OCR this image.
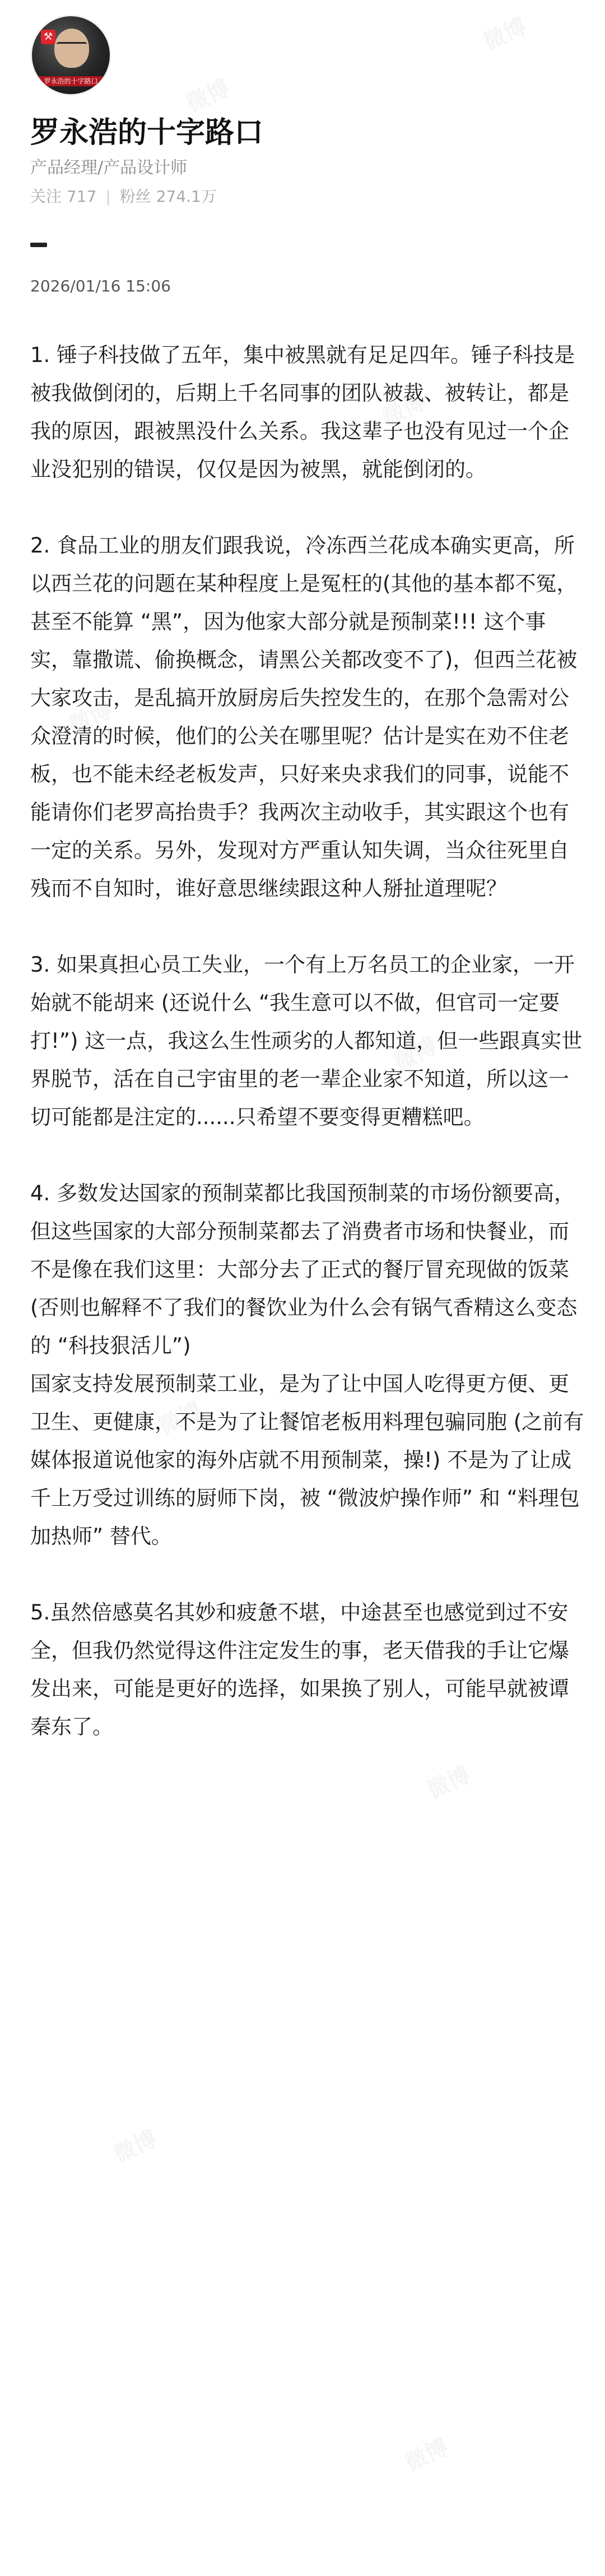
⚒
罗永浩的十字路口
罗永浩的十字路口
产品经理/产品设计师
关注 717 | 粉丝 274.1万
2026/01/16 15:06

1. 锤子科技做了五年，集中被黑就有足足四年。锤子科技是被我做倒闭的，后期上千名同事的团队被裁、被转让，都是我的原因，跟被黑没什么关系。我这辈子也没有见过一个企业没犯别的错误，仅仅是因为被黑，就能倒闭的。

2. 食品工业的朋友们跟我说，冷冻西兰花成本确实更高，所以西兰花的问题在某种程度上是冤枉的(其他的基本都不冤，甚至不能算 “黑”，因为他家大部分就是预制菜!!! 这个事实，靠撒谎、偷换概念，请黑公关都改变不了)，但西兰花被大家攻击，是乱搞开放厨房后失控发生的，在那个急需对公众澄清的时候，他们的公关在哪里呢？估计是实在劝不住老板，也不能未经老板发声，只好来央求我们的同事，说能不能请你们老罗高抬贵手？我两次主动收手，其实跟这个也有一定的关系。另外，发现对方严重认知失调，当众往死里自残而不自知时，谁好意思继续跟这种人掰扯道理呢？

3. 如果真担心员工失业，一个有上万名员工的企业家，一开始就不能胡来 (还说什么 “我生意可以不做，但官司一定要打!”) 这一点，我这么生性顽劣的人都知道，但一些跟真实世界脱节，活在自己宇宙里的老一辈企业家不知道，所以这一切可能都是注定的......只希望不要变得更糟糕吧。

4. 多数发达国家的预制菜都比我国预制菜的市场份额要高，但这些国家的大部分预制菜都去了消费者市场和快餐业，而不是像在我们这里：大部分去了正式的餐厅冒充现做的饭菜 (否则也解释不了我们的餐饮业为什么会有锅气香精这么变态的 “科技狠活儿”)
国家支持发展预制菜工业，是为了让中国人吃得更方便、更卫生、更健康，不是为了让餐馆老板用料理包骗同胞 (之前有媒体报道说他家的海外店就不用预制菜，操!) 不是为了让成千上万受过训练的厨师下岗，被 “微波炉操作师” 和 “料理包加热师” 替代。

5.虽然倍感莫名其妙和疲惫不堪，中途甚至也感觉到过不安全，但我仍然觉得这件注定发生的事，老天借我的手让它爆发出来，可能是更好的选择，如果换了别人，可能早就被谭秦东了。
